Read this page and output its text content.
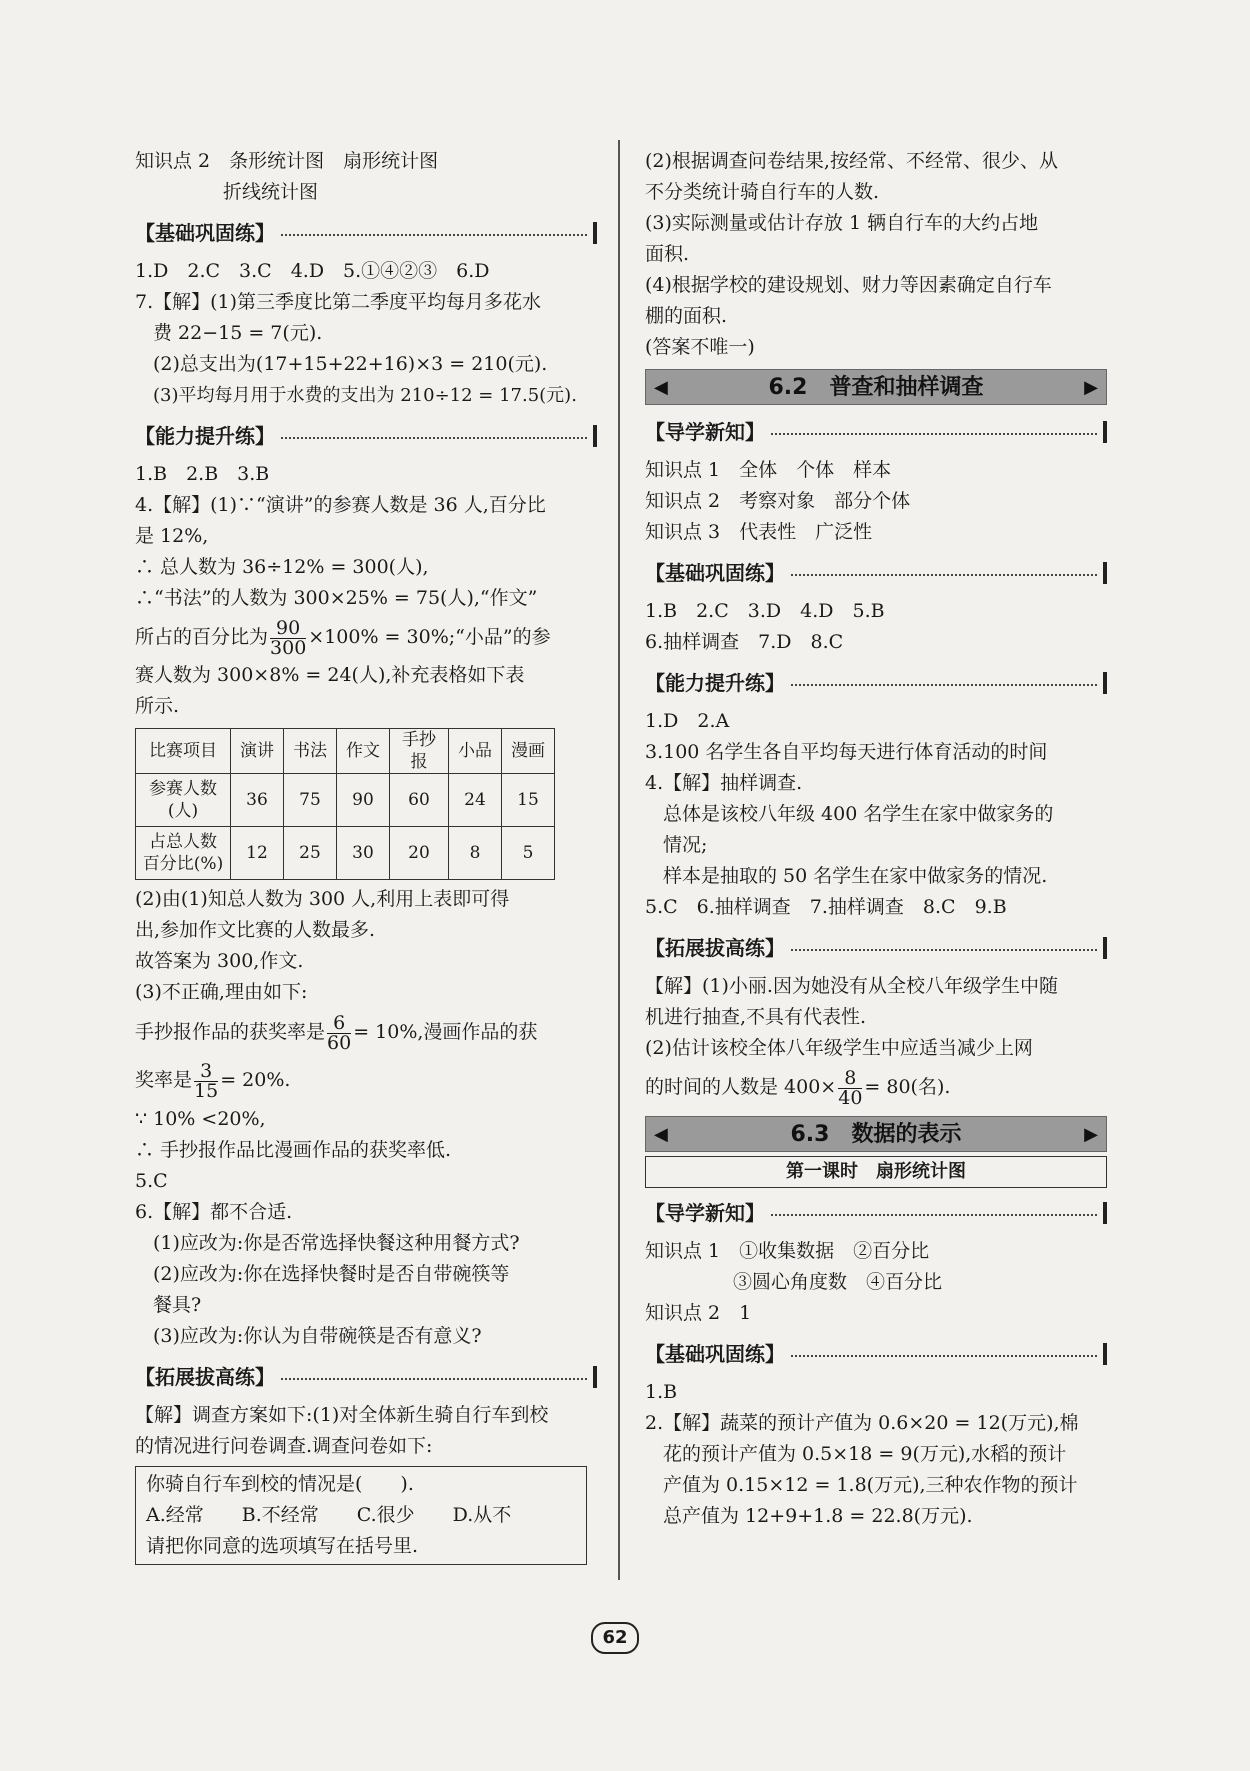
知识点 2　条形统计图　扇形统计图

折线统计图

【基础巩固练】

1.D　2.C　3.C　4.D　5.①④②③　6.D

7.【解】(1)第三季度比第二季度平均每月多花水

费 22−15 = 7(元).

(2)总支出为(17+15+22+16)×3 = 210(元).

(3)平均每月用于水费的支出为 210÷12 = 17.5(元).

【能力提升练】

1.B　2.B　3.B

4.【解】(1)∵“演讲”的参赛人数是 36 人,百分比

是 12%,

∴ 总人数为 36÷12% = 300(人),

∴“书法”的人数为 300×25% = 75(人),“作文”

所占的百分比为 $\frac{90}{300} \times 100\%$ = 30%;“小品”的参

赛人数为 300×8% = 24(人),补充表格如下表

所示.

比赛项目	演讲	书法	作文	手抄报	小品	漫画
参赛人数
(人)	36	75	90	60	24	15
占总人数
百分比(%)	12	25	30	20	8	5

(2)由(1)知总人数为 300 人,利用上表即可得

出,参加作文比赛的人数最多.

故答案为 300,作文.

(3)不正确,理由如下:

手抄报作品的获奖率是 $\frac{6}{60} = 10\%$,漫画作品的获

奖率是 $\frac{3}{15} = 20\%$.

∵ 10% <20%,

∴ 手抄报作品比漫画作品的获奖率低.

5.C

6.【解】都不合适.

(1)应改为:你是否常选择快餐这种用餐方式?

(2)应改为:你在选择快餐时是否自带碗筷等

餐具?

(3)应改为:你认为自带碗筷是否有意义?

【拓展拔高练】

【解】调查方案如下:(1)对全体新生骑自行车到校

的情况进行问卷调查.调查问卷如下:

你骑自行车到校的情况是(　　).

A.经常　　B.不经常　　C.很少　　D.从不

请把你同意的选项填写在括号里.

(2)根据调查问卷结果,按经常、不经常、很少、从

不分类统计骑自行车的人数.

(3)实际测量或估计存放 1 辆自行车的大约占地

面积.

(4)根据学校的建设规划、财力等因素确定自行车

棚的面积.

(答案不唯一)

◀	6.2　普查和抽样调查	▶
【导学新知】

知识点 1　全体　个体　样本

知识点 2　考察对象　部分个体

知识点 3　代表性　广泛性

【基础巩固练】

1.B　2.C　3.D　4.D　5.B

6.抽样调查　7.D　8.C

【能力提升练】

1.D　2.A

3.100 名学生各自平均每天进行体育活动的时间

4.【解】抽样调查.

总体是该校八年级 400 名学生在家中做家务的

情况;

样本是抽取的 50 名学生在家中做家务的情况.

5.C　6.抽样调查　7.抽样调查　8.C　9.B

【拓展拔高练】

【解】(1)小丽.因为她没有从全校八年级学生中随

机进行抽查,不具有代表性.

(2)估计该校全体八年级学生中应适当减少上网

的时间的人数是 $400\times \frac{8}{40} = 80$(名).

◀	6.3　数据的表示	▶
第一课时　扇形统计图
【导学新知】

知识点 1　①收集数据　②百分比

③圆心角度数　④百分比

知识点 2　1

【基础巩固练】

1.B

2.【解】蔬菜的预计产值为 0.6×20 = 12(万元),棉

花的预计产值为 0.5×18 = 9(万元),水稻的预计

产值为 0.15×12 = 1.8(万元),三种农作物的预计

总产值为 12+9+1.8 = 22.8(万元).

62
